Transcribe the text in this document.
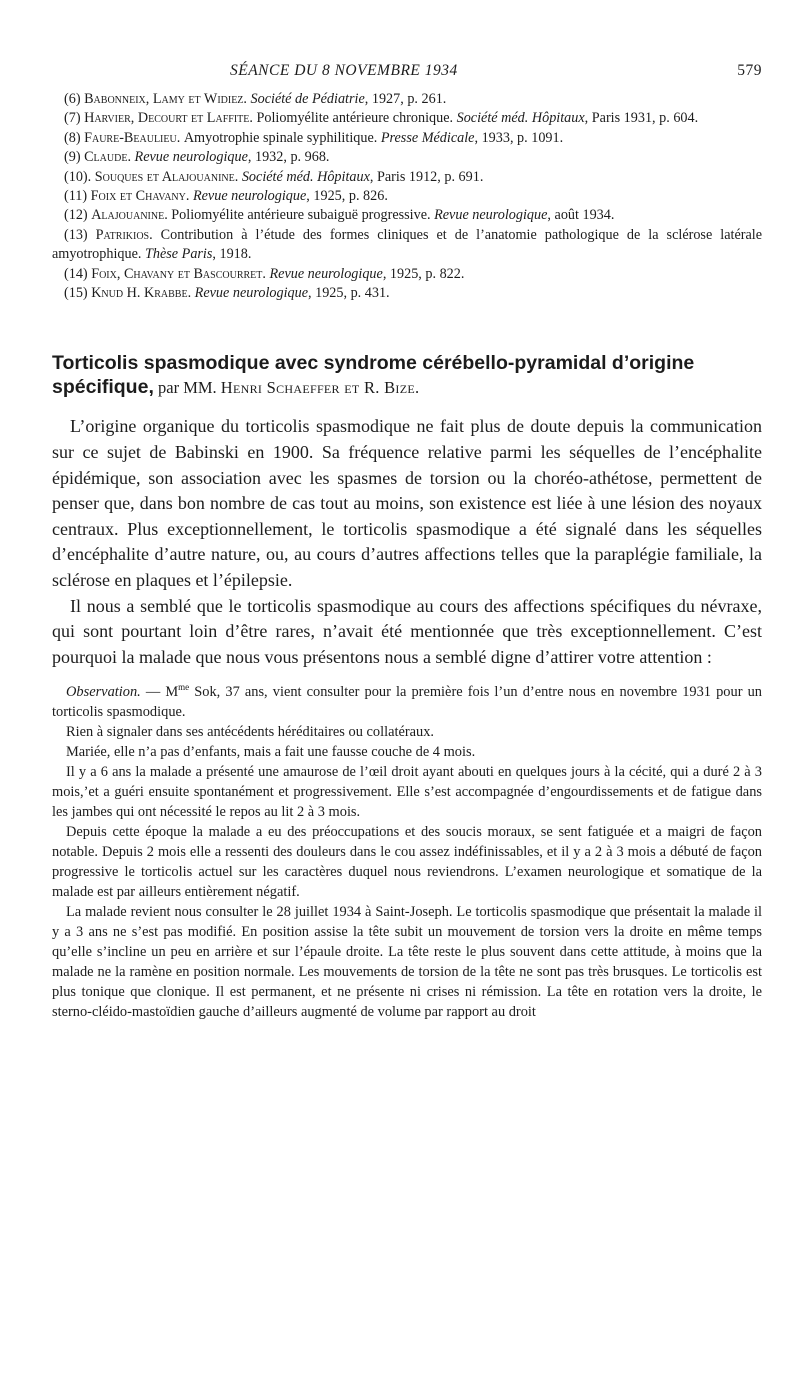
SÉANCE DU 8 NOVEMBRE 1934	579
(6) Babonneix, Lamy et Widiez. Société de Pédiatrie, 1927, p. 261.
(7) Harvier, Decourt et Laffite. Poliomyélite antérieure chronique. Société méd. Hôpitaux, Paris 1931, p. 604.
(8) Faure-Beaulieu. Amyotrophie spinale syphilitique. Presse Médicale, 1933, p. 1091.
(9) Claude. Revue neurologique, 1932, p. 968.
(10). Souques et Alajouanine. Société méd. Hôpitaux, Paris 1912, p. 691.
(11) Foix et Chavany. Revue neurologique, 1925, p. 826.
(12) Alajouanine. Poliomyélite antérieure subaiguë progressive. Revue neurologique, août 1934.
(13) Patrikios. Contribution à l’étude des formes cliniques et de l’anatomie pathologique de la sclérose latérale amyotrophique. Thèse Paris, 1918.
(14) Foix, Chavany et Bascourret. Revue neurologique, 1925, p. 822.
(15) Knud H. Krabbe. Revue neurologique, 1925, p. 431.
Torticolis spasmodique avec syndrome cérébello-pyramidal d’origine spécifique, par MM. Henri Schaeffer et R. Bize.

L’origine organique du torticolis spasmodique ne fait plus de doute depuis la communication sur ce sujet de Babinski en 1900. Sa fréquence relative parmi les séquelles de l’encéphalite épidémique, son association avec les spasmes de torsion ou la choréo-athétose, permettent de penser que, dans bon nombre de cas tout au moins, son existence est liée à une lésion des noyaux centraux. Plus exceptionnellement, le torticolis spasmodique a été signalé dans les séquelles d’encéphalite d’autre nature, ou, au cours d’autres affections telles que la paraplégie familiale, la sclérose en plaques et l’épilepsie.

Il nous a semblé que le torticolis spasmodique au cours des affections spécifiques du névraxe, qui sont pourtant loin d’être rares, n’avait été mentionnée que très exceptionnellement. C’est pourquoi la malade que nous vous présentons nous a semblé digne d’attirer votre attention :

Observation. — $M^{me}$ Sok, 37 ans, vient consulter pour la première fois l’un d’entre nous en novembre 1931 pour un torticolis spasmodique.

Rien à signaler dans ses antécédents héréditaires ou collatéraux.

Mariée, elle n’a pas d’enfants, mais a fait une fausse couche de 4 mois.

Il y a 6 ans la malade a présenté une amaurose de l’œil droit ayant abouti en quelques jours à la cécité, qui a duré 2 à 3 mois,’et a guéri ensuite spontanément et progressivement. Elle s’est accompagnée d’engourdissements et de fatigue dans les jambes qui ont nécessité le repos au lit 2 à 3 mois.

Depuis cette époque la malade a eu des préoccupations et des soucis moraux, se sent fatiguée et a maigri de façon notable. Depuis 2 mois elle a ressenti des douleurs dans le cou assez indéfinissables, et il y a 2 à 3 mois a débuté de façon progressive le torticolis actuel sur les caractères duquel nous reviendrons. L’examen neurologique et somatique de la malade est par ailleurs entièrement négatif.

La malade revient nous consulter le 28 juillet 1934 à Saint-Joseph. Le torticolis spasmodique que présentait la malade il y a 3 ans ne s’est pas modifié. En position assise la tête subit un mouvement de torsion vers la droite en même temps qu’elle s’incline un peu en arrière et sur l’épaule droite. La tête reste le plus souvent dans cette attitude, à moins que la malade ne la ramène en position normale. Les mouvements de torsion de la tête ne sont pas très brusques. Le torticolis est plus tonique que clonique. Il est permanent, et ne présente ni crises ni rémission. La tête en rotation vers la droite, le sterno-cléido-mastoïdien gauche d’ailleurs augmenté de volume par rapport au droit
